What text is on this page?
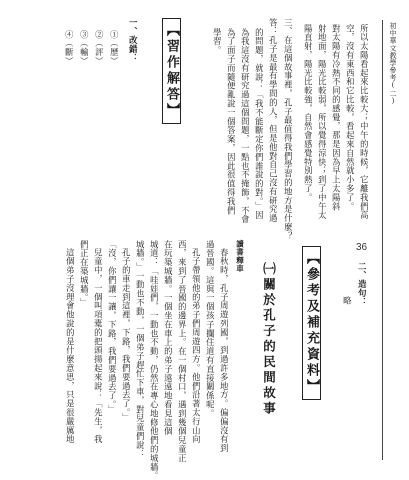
初中華文教學參考(二)
36
所以太陽看起來比較大；中午的時候，它離我們高
空，沒有東西和它比較，看起來自然就小多了。
對太陽有冷熱不同的感覺，那是因為早上太陽斜
射地面，陽光比較弱，所以覺得涼快；到了中午太
陽直射，陽光比較強，自然會感覺特別熱了。
三、在這個故事裡，孔子最值得我們學習的地方是什麼？
答：孔子是最有學問的人，但是他對自己沒有研究過
的問題，就說：「我不能斷定你們誰說的對。」因
為我這沒有研究過這個問題，一點也不掩飾，不會
為了面子而隨便亂說一個答案，因此很值得我們
學習。
【習作解答】
一、改錯：
①（歷）
②（評）
③（輸）
④（斷）
二、造句：
略
【參考及補充資料】
㈠關於孔子的民間故事
讀書釋車
春秋時，孔子周遊列國，到過許多地方。偏偏沒有到
過晉國。這與一個孩子攔住道有直接關係呢。
孔子帶領他的弟子們周遊四方。他們沿著太行山向
西，來到了晉國的邊界上。在一個村口，遇到幾個兒童正
在玩築城牆。一個坐在車上的弟子遠遠地看見這個
城道：「哇娃們，一動也不動，仍然在專心地修他們的城牆。
城牆。」一動也不動，一個弟子趕忙下車，對兒童們說：
孔子的車走到這裡，下路，我們要過去了。」
「沒，你們讓一讓，下路，我們要過去了。」
兒童中，一個叫項橐的把頭揚起來說：「先生，我
們正在築城牆。」
這個弟子沒理會他說的是什麼意思，只是很嚴厲地
